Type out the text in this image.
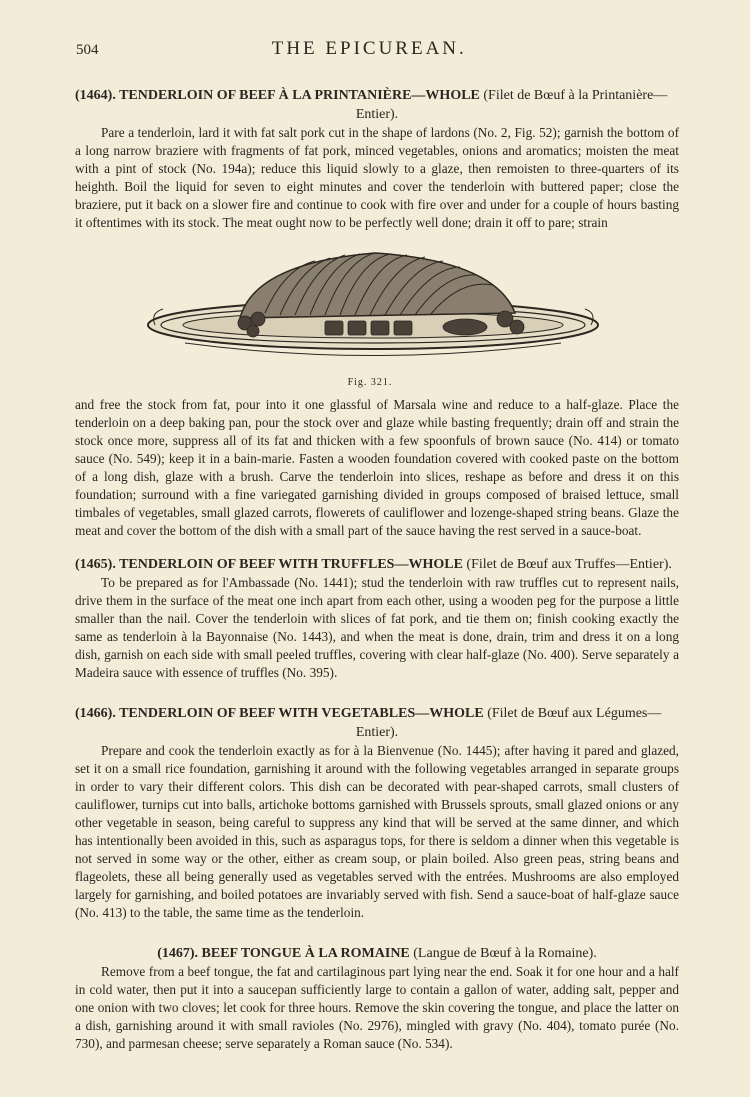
504	THE EPICUREAN.

(1464). TENDERLOIN OF BEEF À LA PRINTANIÈRE—WHOLE (Filet de Bœuf à la Printanière—

Entier).

Pare a tenderloin, lard it with fat salt pork cut in the shape of lardons (No. 2, Fig. 52); garnish the bottom of a long narrow braziere with fragments of fat pork, minced vegetables, onions and aromatics; moisten the meat with a pint of stock (No. 194a); reduce this liquid slowly to a glaze, then remoisten to three-quarters of its heighth. Boil the liquid for seven to eight minutes and cover the tenderloin with buttered paper; close the braziere, put it back on a slower fire and continue to cook with fire over and under for a couple of hours basting it oftentimes with its stock. The meat ought now to be perfectly well done; drain it off to pare; strain

Fig. 321.

and free the stock from fat, pour into it one glassful of Marsala wine and reduce to a half-glaze. Place the tenderloin on a deep baking pan, pour the stock over and glaze while basting frequently; drain off and strain the stock once more, suppress all of its fat and thicken with a few spoonfuls of brown sauce (No. 414) or tomato sauce (No. 549); keep it in a bain-marie. Fasten a wooden foundation covered with cooked paste on the bottom of a long dish, glaze with a brush. Carve the tenderloin into slices, reshape as before and dress it on this foundation; surround with a fine variegated garnishing divided in groups composed of braised lettuce, small timbales of vegetables, small glazed carrots, flowerets of cauliflower and lozenge-shaped string beans. Glaze the meat and cover the bottom of the dish with a small part of the sauce having the rest served in a sauce-boat.

(1465). TENDERLOIN OF BEEF WITH TRUFFLES—WHOLE (Filet de Bœuf aux Truffes—Entier).

To be prepared as for l'Ambassade (No. 1441); stud the tenderloin with raw truffles cut to represent nails, drive them in the surface of the meat one inch apart from each other, using a wooden peg for the purpose a little smaller than the nail. Cover the tenderloin with slices of fat pork, and tie them on; finish cooking exactly the same as tenderloin à la Bayonnaise (No. 1443), and when the meat is done, drain, trim and dress it on a long dish, garnish on each side with small peeled truffles, covering with clear half-glaze (No. 400). Serve separately a Madeira sauce with essence of truffles (No. 395).

(1466). TENDERLOIN OF BEEF WITH VEGETABLES—WHOLE (Filet de Bœuf aux Légumes—

Entier).

Prepare and cook the tenderloin exactly as for à la Bienvenue (No. 1445); after having it pared and glazed, set it on a small rice foundation, garnishing it around with the following vegetables arranged in separate groups in order to vary their different colors. This dish can be decorated with pear-shaped carrots, small clusters of cauliflower, turnips cut into balls, artichoke bottoms garnished with Brussels sprouts, small glazed onions or any other vegetable in season, being careful to suppress any kind that will be served at the same dinner, and which has intentionally been avoided in this, such as asparagus tops, for there is seldom a dinner when this vegetable is not served in some way or the other, either as cream soup, or plain boiled. Also green peas, string beans and flageolets, these all being generally used as vegetables served with the entrées. Mushrooms are also employed largely for garnishing, and boiled potatoes are invariably served with fish. Send a sauce-boat of half-glaze sauce (No. 413) to the table, the same time as the tenderloin.

(1467). BEEF TONGUE À LA ROMAINE (Langue de Bœuf à la Romaine).

Remove from a beef tongue, the fat and cartilaginous part lying near the end. Soak it for one hour and a half in cold water, then put it into a saucepan sufficiently large to contain a gallon of water, adding salt, pepper and one onion with two cloves; let cook for three hours. Remove the skin covering the tongue, and place the latter on a dish, garnishing around it with small ravioles (No. 2976), mingled with gravy (No. 404), tomato purée (No. 730), and parmesan cheese; serve separately a Roman sauce (No. 534).
